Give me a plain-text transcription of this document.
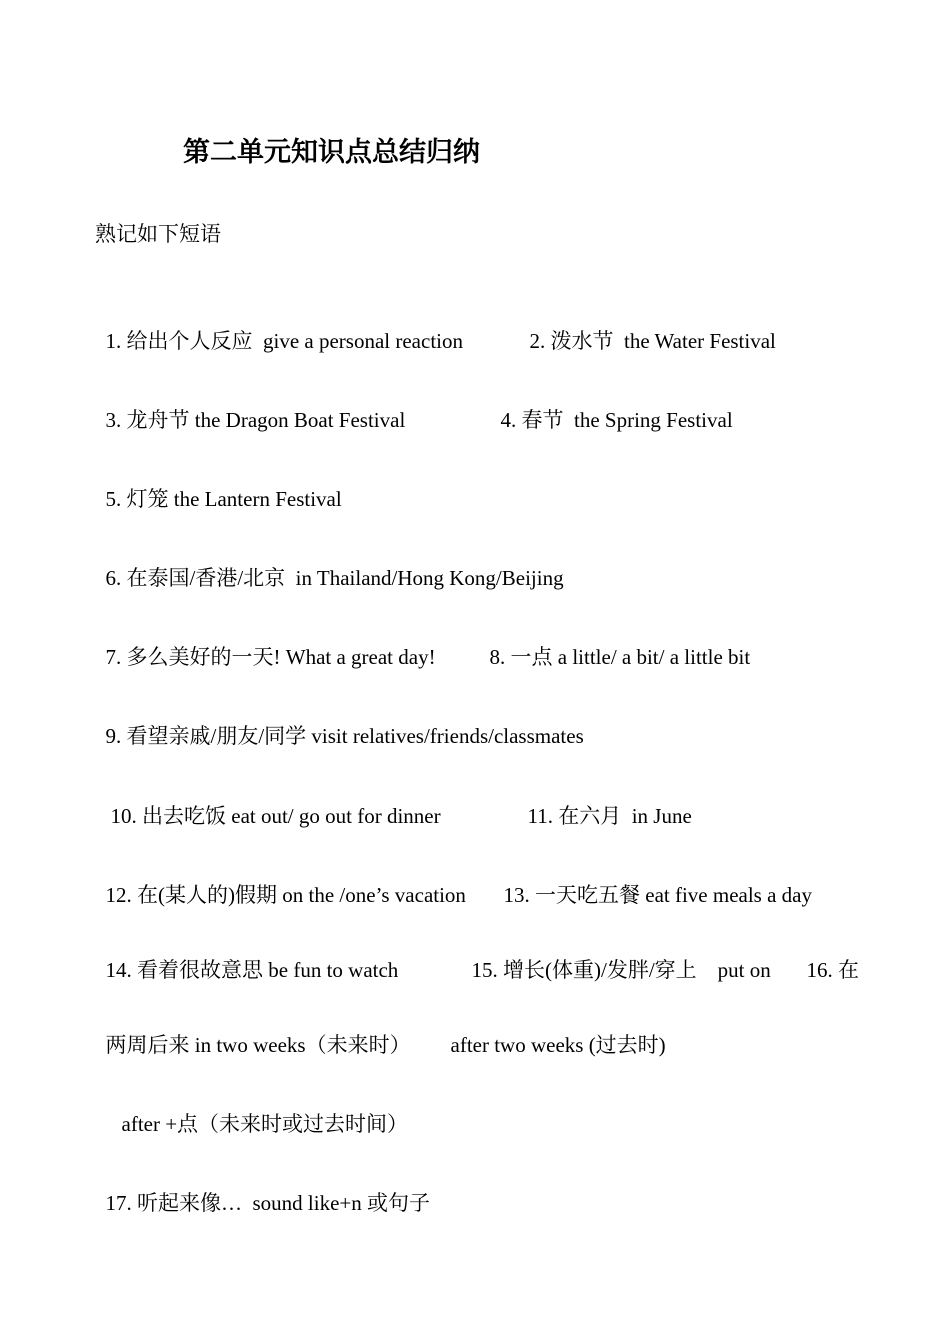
第二单元知识点总结归纳

熟记如下短语

1. 给出个人反应  give a personal reaction	2. 泼水节  the Water Festival

3. 龙舟节 the Dragon Boat Festival	4. 春节  the Spring Festival

5. 灯笼 the Lantern Festival

6. 在泰国/香港/北京  in Thailand/Hong Kong/Beijing

7. 多么美好的一天! What a great day!	8. 一点 a little/ a bit/ a little bit

9. 看望亲戚/朋友/同学 visit relatives/friends/classmates

10. 出去吃饭 eat out/ go out for dinner	11. 在六月  in June

12. 在(某人的)假期 on the /one’s vacation	13. 一天吃五餐 eat five meals a day

14. 看着很故意思 be fun to watch	15. 增长(体重)/发胖/穿上    put on	16. 在

两周后来 in two weeks（未来时）	after two weeks (过去时)

after +点（未来时或过去时间）

17. 听起来像…  sound like+n 或句子
